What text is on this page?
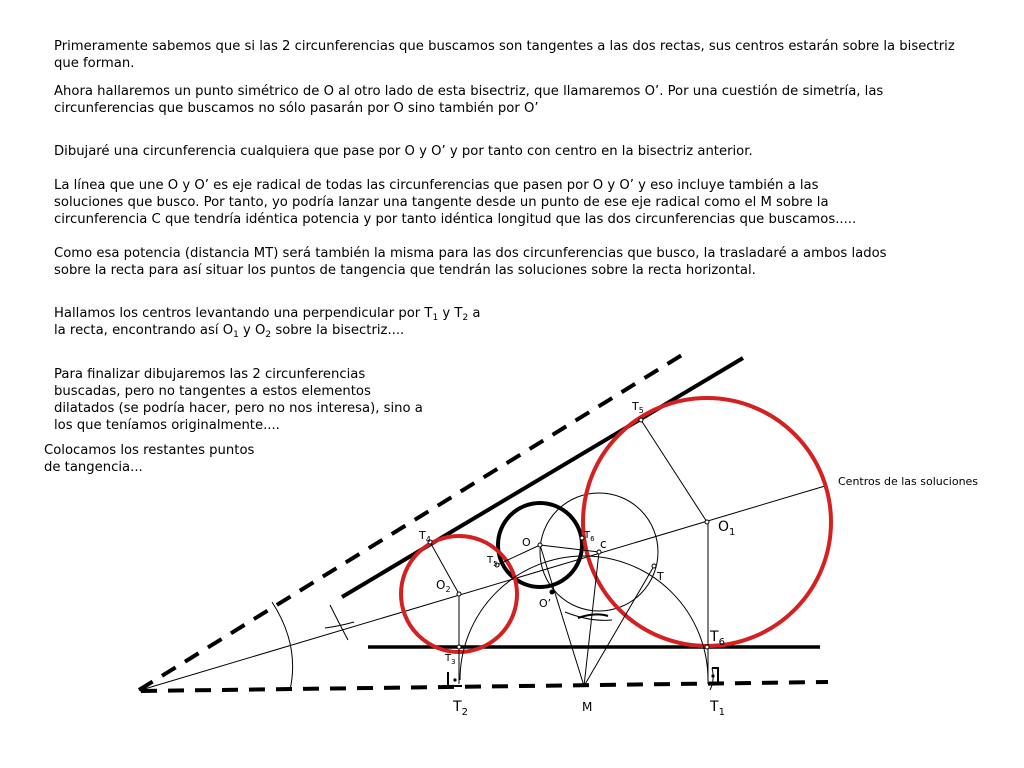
Primeramente sabemos que si las 2 circunferencias que buscamos son tangentes a las dos rectas, sus centros estarán sobre la bisectriz que forman.

Ahora hallaremos un punto simétrico de O al otro lado de esta bisectriz, que llamaremos O’. Por una cuestión de simetría, las circunferencias que buscamos no sólo pasarán por O sino también por O’

Dibujaré una circunferencia cualquiera que pase por O y O’ y por tanto con centro en la bisectriz anterior.

La línea que une O y O’ es eje radical de todas las circunferencias que pasen por O y O’ y eso incluye también a las soluciones que busco. Por tanto, yo podría lanzar una tangente desde un punto de ese eje radical como el M sobre la circunferencia C que tendría idéntica potencia y por tanto idéntica longitud que las dos circunferencias que buscamos.....

Como esa potencia (distancia MT) será también la misma para las dos circunferencias que busco, la trasladaré a ambos lados sobre la recta para así situar los puntos de tangencia que tendrán las soluciones sobre la recta horizontal.

Hallamos los centros levantando una perpendicular por $T_1$ y $T_2$ a la recta, encontrando así $O_1$ y $O_2$ sobre la bisectriz....

Para finalizar dibujaremos las 2 circunferencias buscadas, pero no tangentes a estos elementos dilatados (se podría hacer, pero no nos interesa), sino a los que teníamos originalmente....

Colocamos los restantes puntos de tangencia...

Centros de las soluciones
$T_5$
$T_4$
$T_5$
$T_6$
O	c
T
O’
$O_1$
$O_2$
$T_6$
$T_3$
$T_2$	M	$T_1$
